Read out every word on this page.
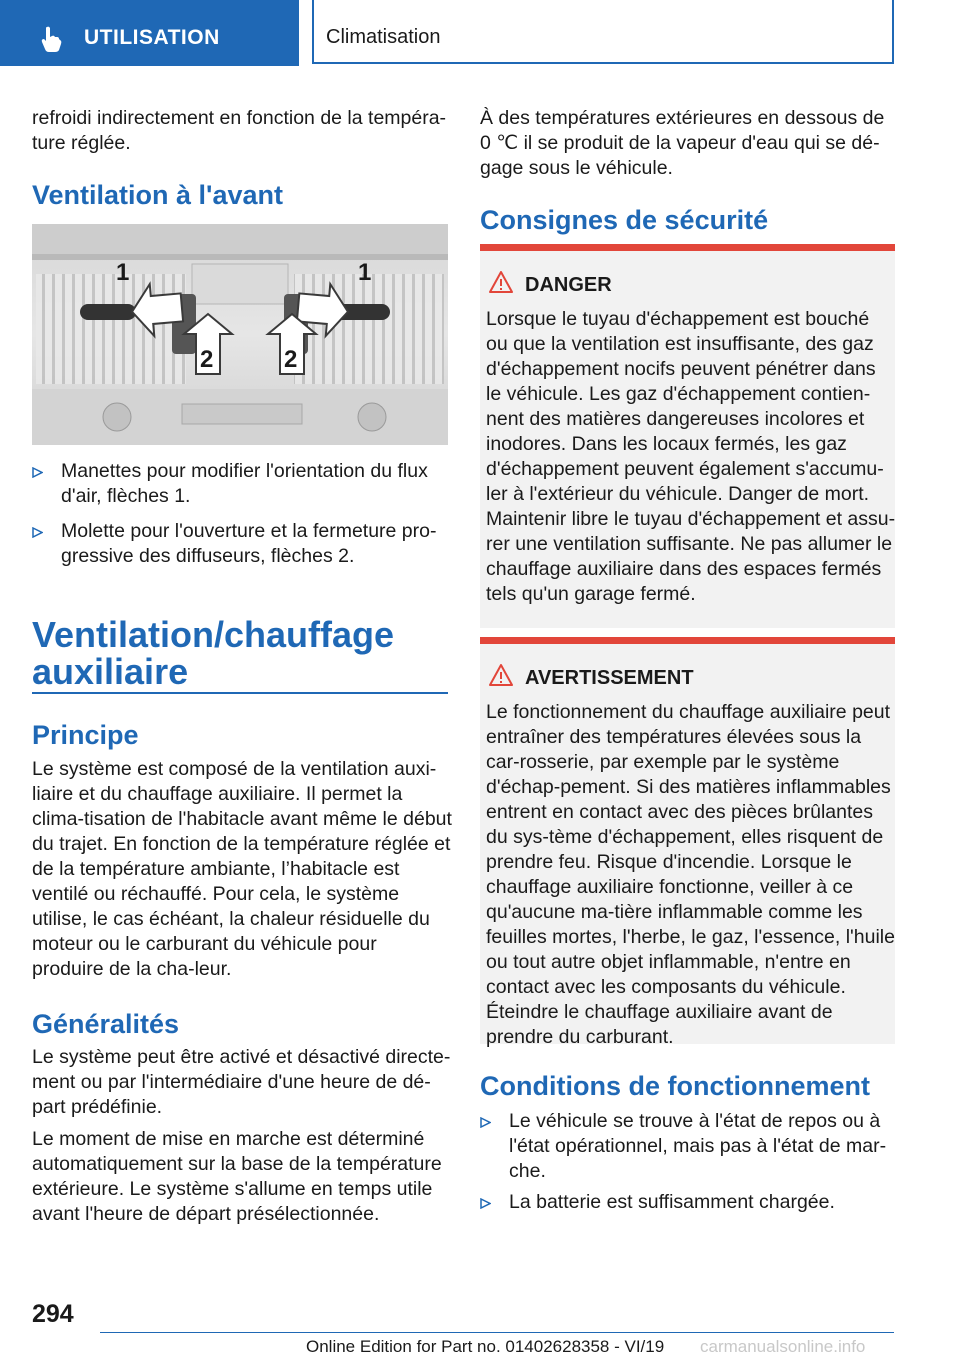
UTILISATION	Climatisation

refroidi indirectement en fonction de la tempéra-ture réglée.

Ventilation à l'avant
1	1
2	2
Manettes pour modifier l'orientation du flux d'air, flèches 1.
Molette pour l'ouverture et la fermeture pro-gressive des diffuseurs, flèches 2.
Ventilation/chauffage
auxiliaire
Principe

Le système est composé de la ventilation auxi-liaire et du chauffage auxiliaire. Il permet la clima-tisation de l'habitacle avant même le début du trajet. En fonction de la température réglée et de la température ambiante, l’habitacle est ventilé ou réchauffé. Pour cela, le système utilise, le cas échéant, la chaleur résiduelle du moteur ou le carburant du véhicule pour produire de la cha-leur.

Généralités

Le système peut être activé et désactivé directe-ment ou par l'intermédiaire d'une heure de dé-part prédéfinie.

Le moment de mise en marche est déterminé automatiquement sur la base de la température extérieure. Le système s'allume en temps utile avant l'heure de départ présélectionnée.

À des températures extérieures en dessous de 0 ℃ il se produit de la vapeur d'eau qui se dé-gage sous le véhicule.

Consignes de sécurité
DANGER
Lorsque le tuyau d'échappement est bouché ou que la ventilation est insuffisante, des gaz d'échappement nocifs peuvent pénétrer dans le véhicule. Les gaz d'échappement contien-nent des matières dangereuses incolores et inodores. Dans les locaux fermés, les gaz d'échappement peuvent également s'accumu-ler à l'extérieur du véhicule. Danger de mort. Maintenir libre le tuyau d'échappement et assu-rer une ventilation suffisante. Ne pas allumer le chauffage auxiliaire dans des espaces fermés tels qu'un garage fermé.
AVERTISSEMENT
Le fonctionnement du chauffage auxiliaire peut entraîner des températures élevées sous la car-rosserie, par exemple par le système d'échap-pement. Si des matières inflammables entrent en contact avec des pièces brûlantes du sys-tème d'échappement, elles risquent de prendre feu. Risque d'incendie. Lorsque le chauffage auxiliaire fonctionne, veiller à ce qu'aucune ma-tière inflammable comme les feuilles mortes, l'herbe, le gaz, l'essence, l'huile ou tout autre objet inflammable, n'entre en contact avec les composants du véhicule. Éteindre le chauffage auxiliaire avant de prendre du carburant.
Conditions de fonctionnement
Le véhicule se trouve à l'état de repos ou à l'état opérationnel, mais pas à l'état de mar-che.
La batterie est suffisamment chargée.
294
Online Edition for Part no. 01402628358 - VI/19 carmanualsonline.info
